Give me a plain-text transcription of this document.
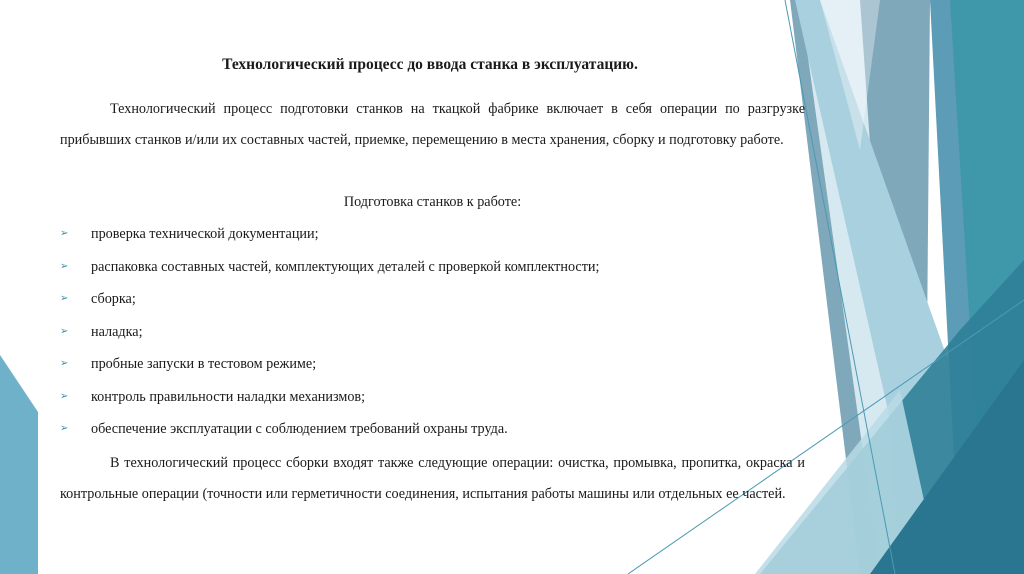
Технологический процесс до ввода станка в эксплуатацию.

Технологический процесс подготовки станков на ткацкой фабрике включает в себя операции по разгрузке прибывших станков и/или их составных частей, приемке, перемещению в места хранения, сборку и подготовку работе.

Подготовка станков к работе:
➢ проверка технической документации;
➢ распаковка составных частей, комплектующих деталей с проверкой комплектности;
➢ сборка;
➢ наладка;
➢ пробные запуски в тестовом режиме;
➢ контроль правильности наладки механизмов;
➢ обеспечение эксплуатации с соблюдением требований охраны труда.

В технологический процесс сборки входят также следующие операции: очистка, промывка, пропитка, окраска и контрольные операции (точности или герметичности соединения, испытания работы машины или отдельных ее частей.
